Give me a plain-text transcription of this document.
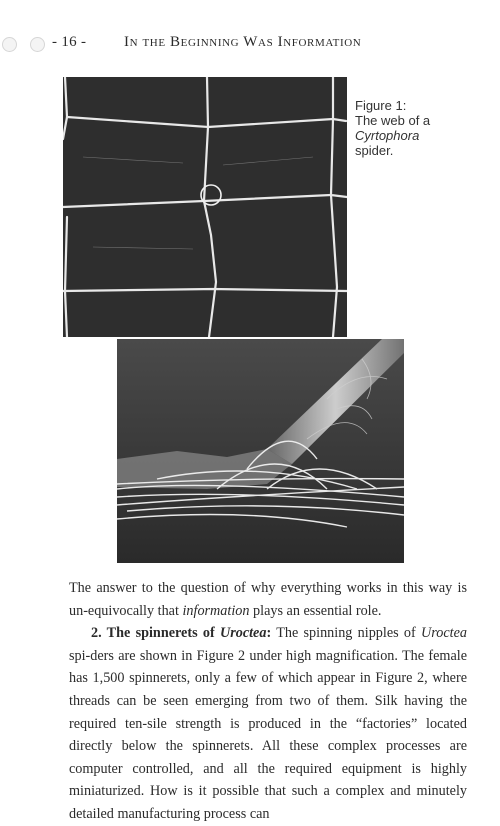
- 16 -	In the Beginning Was Information
Figure 1:
The web of a
Cyrtophora
spider.

The answer to the question of why everything works in this way is un-equivocally that information plays an essential role.

2. The spinnerets of Uroctea: The spinning nipples of Uroctea spi-ders are shown in Figure 2 under high magnification. The female has 1,500 spinnerets, only a few of which appear in Figure 2, where threads can be seen emerging from two of them. Silk having the required ten-sile strength is produced in the “factories” located directly below the spinnerets. All these complex processes are computer controlled, and all the required equipment is highly miniaturized. How is it possible that such a complex and minutely detailed manufacturing process can
